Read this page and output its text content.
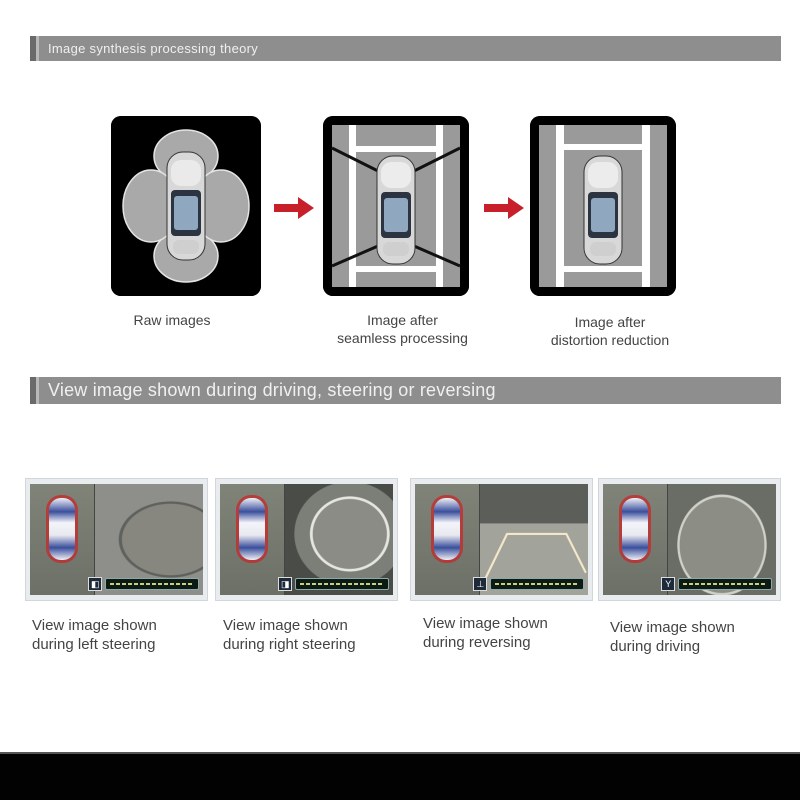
Image synthesis processing theory
Raw images	Image after
seamless processing
Image after
distortion reduction
View image shown during driving, steering or reversing
◧	◨	⊥	Y
View image shown
during left steering
View image shown
during right steering
View image shown
during reversing
View image shown
during driving
